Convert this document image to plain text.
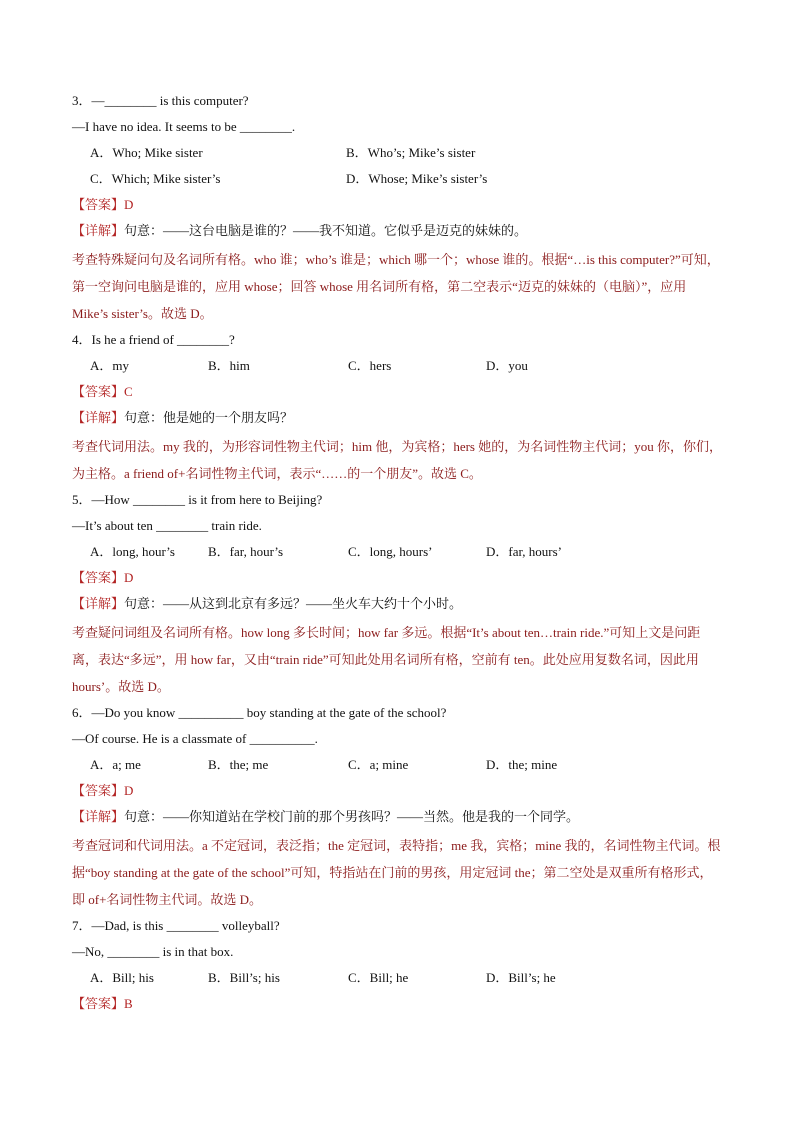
3．—________ is this computer?
—I have no idea. It seems to be ________.
A．Who; Mike sister	B．Who’s; Mike’s sister
C．Which; Mike sister’s	D．Whose; Mike’s sister’s
【答案】D
【详解】句意：——这台电脑是谁的？——我不知道。它似乎是迈克的妹妹的。
考查特殊疑问句及名词所有格。who 谁；who’s 谁是；which 哪一个；whose 谁的。根据“…is this computer?”可知，第一空询问电脑是谁的，应用 whose；回答 whose 用名词所有格，第二空表示“迈克的妹妹的（电脑）”，应用 Mike’s sister’s。故选 D。
4．Is he a friend of ________?
A．my	B．him	C．hers	D．you
【答案】C
【详解】句意：他是她的一个朋友吗？
考查代词用法。my 我的，为形容词性物主代词；him 他，为宾格；hers 她的，为名词性物主代词；you 你，你们，为主格。a friend of+名词性物主代词，表示“……的一个朋友”。故选 C。
5．—How ________ is it from here to Beijing?
—It’s about ten ________ train ride.
A．long, hour’s	B．far, hour’s	C．long, hours’	D．far, hours’
【答案】D
【详解】句意：——从这到北京有多远？——坐火车大约十个小时。
考查疑问词组及名词所有格。how long 多长时间；how far 多远。根据“It’s about ten…train ride.”可知上文是问距离，表达“多远”，用 how far，又由“train ride”可知此处用名词所有格，空前有 ten。此处应用复数名词，因此用 hours’。故选 D。
6．—Do you know __________ boy standing at the gate of the school?
—Of course. He is a classmate of __________.
A．a; me	B．the; me	C．a; mine	D．the; mine
【答案】D
【详解】句意：——你知道站在学校门前的那个男孩吗？——当然。他是我的一个同学。
考查冠词和代词用法。a 不定冠词，表泛指；the 定冠词，表特指；me 我，宾格；mine 我的，名词性物主代词。根据“boy standing at the gate of the school”可知，特指站在门前的男孩，用定冠词 the；第二空处是双重所有格形式，即 of+名词性物主代词。故选 D。
7．—Dad, is this ________ volleyball?
—No, ________ is in that box.
A．Bill; his	B．Bill’s; his	C．Bill; he	D．Bill’s; he
【答案】B
